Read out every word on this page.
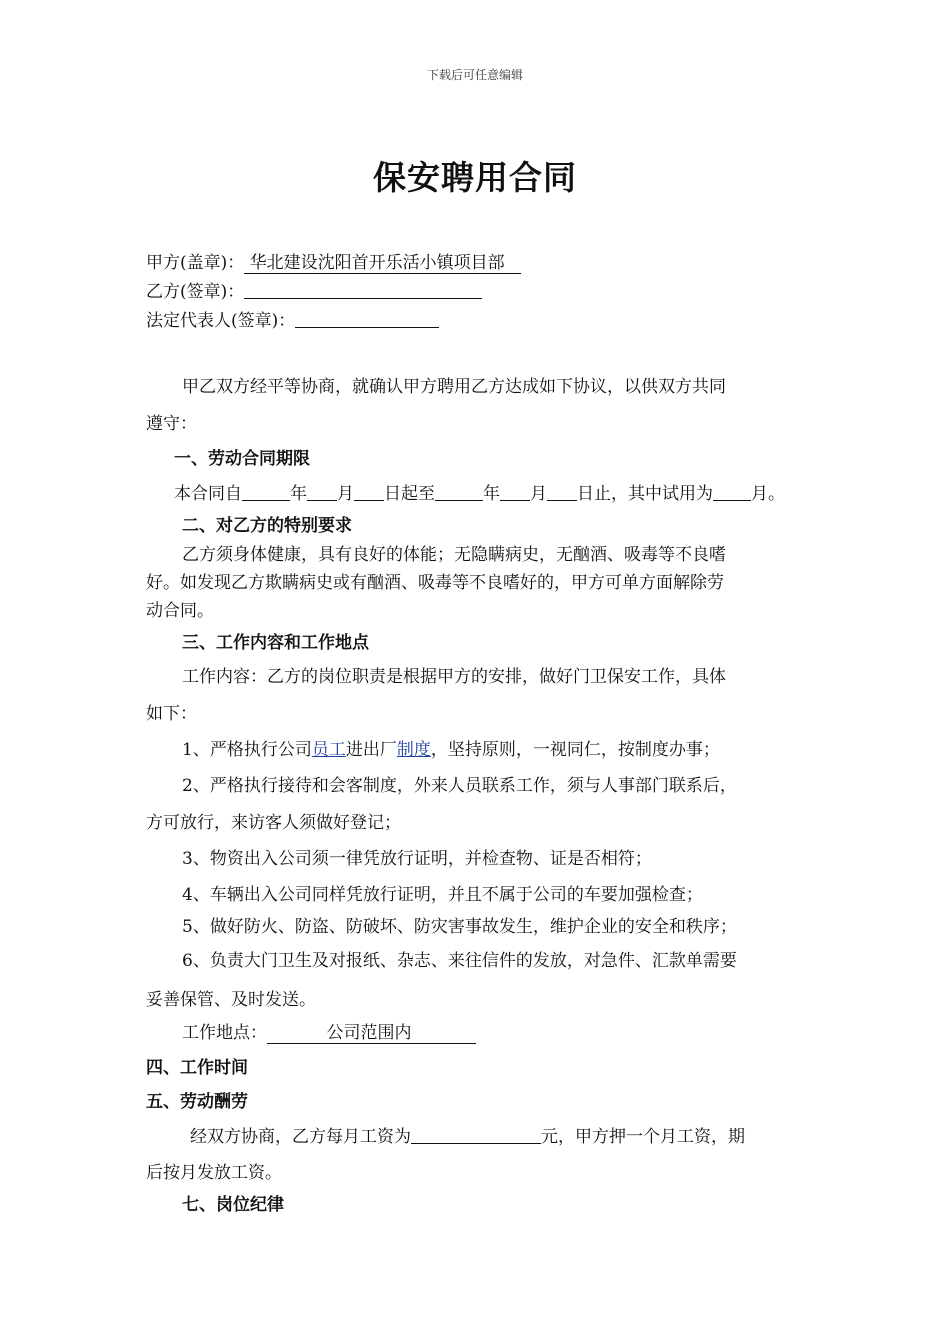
下载后可任意编辑
保安聘用合同
甲方(盖章)： 华北建设沈阳首开乐活小镇项目部
乙方(签章)：
法定代表人(签章)：
甲乙双方经平等协商，就确认甲方聘用乙方达成如下协议，以供双方共同
遵守：
一、劳动合同期限
本合同自	年 月 日起至	年 月 日止，其中试用为 月。
二、对乙方的特别要求
乙方须身体健康，具有良好的体能；无隐瞒病史，无酗酒、吸毒等不良嗜
好。如发现乙方欺瞒病史或有酗酒、吸毒等不良嗜好的，甲方可单方面解除劳
动合同。
三、工作内容和工作地点
工作内容：乙方的岗位职责是根据甲方的安排，做好门卫保安工作，具体
如下：
1、严格执行公司员工进出厂制度，坚持原则，一视同仁，按制度办事；
2、严格执行接待和会客制度，外来人员联系工作，须与人事部门联系后，
方可放行，来访客人须做好登记；
3、物资出入公司须一律凭放行证明，并检查物、证是否相符；
4、车辆出入公司同样凭放行证明，并且不属于公司的车要加强检查；
5、做好防火、防盗、防破坏、防灾害事故发生，维护企业的安全和秩序；
6、负责大门卫生及对报纸、杂志、来往信件的发放，对急件、汇款单需要
妥善保管、及时发送。
工作地点：	公司范围内
四、工作时间
五、劳动酬劳
经双方协商，乙方每月工资为	元，甲方押一个月工资，期
后按月发放工资。
七、岗位纪律
